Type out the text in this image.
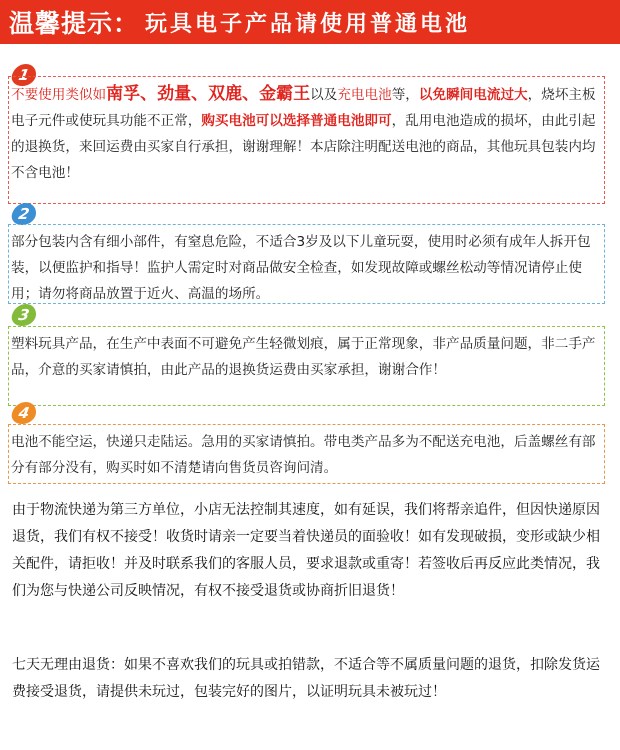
温馨提示： 玩具电子产品请使用普通电池
1
不要使用类似如南孚、劲量、双鹿、金霸王以及充电电池等，以免瞬间电流过大，烧坏主板电子元件或使玩具功能不正常，购买电池可以选择普通电池即可，乱用电池造成的损坏，由此引起的退换货，来回运费由买家自行承担，谢谢理解！本店除注明配送电池的商品，其他玩具包装内均不含电池！
2
部分包装内含有细小部件，有窒息危险，不适合3岁及以下儿童玩耍，使用时必须有成年人拆开包装，以便监护和指导！监护人需定时对商品做安全检查，如发现故障或螺丝松动等情况请停止使用；请勿将商品放置于近火、高温的场所。
3
塑料玩具产品，在生产中表面不可避免产生轻微划痕，属于正常现象，非产品质量问题，非二手产品，介意的买家请慎拍，由此产品的退换货运费由买家承担，谢谢合作！
4
电池不能空运，快递只走陆运。急用的买家请慎拍。带电类产品多为不配送充电池，后盖螺丝有部分有部分没有，购买时如不清楚请向售货员咨询问清。
由于物流快递为第三方单位，小店无法控制其速度，如有延误，我们将帮亲追件，但因快递原因退货，我们有权不接受！收货时请亲一定要当着快递员的面验收！如有发现破损，变形或缺少相关配件，请拒收！并及时联系我们的客服人员，要求退款或重寄！若签收后再反应此类情况，我们为您与快递公司反映情况，有权不接受退货或协商折旧退货！
七天无理由退货：如果不喜欢我们的玩具或拍错款，不适合等不属质量问题的退货，扣除发货运费接受退货，请提供未玩过，包装完好的图片，以证明玩具未被玩过！
